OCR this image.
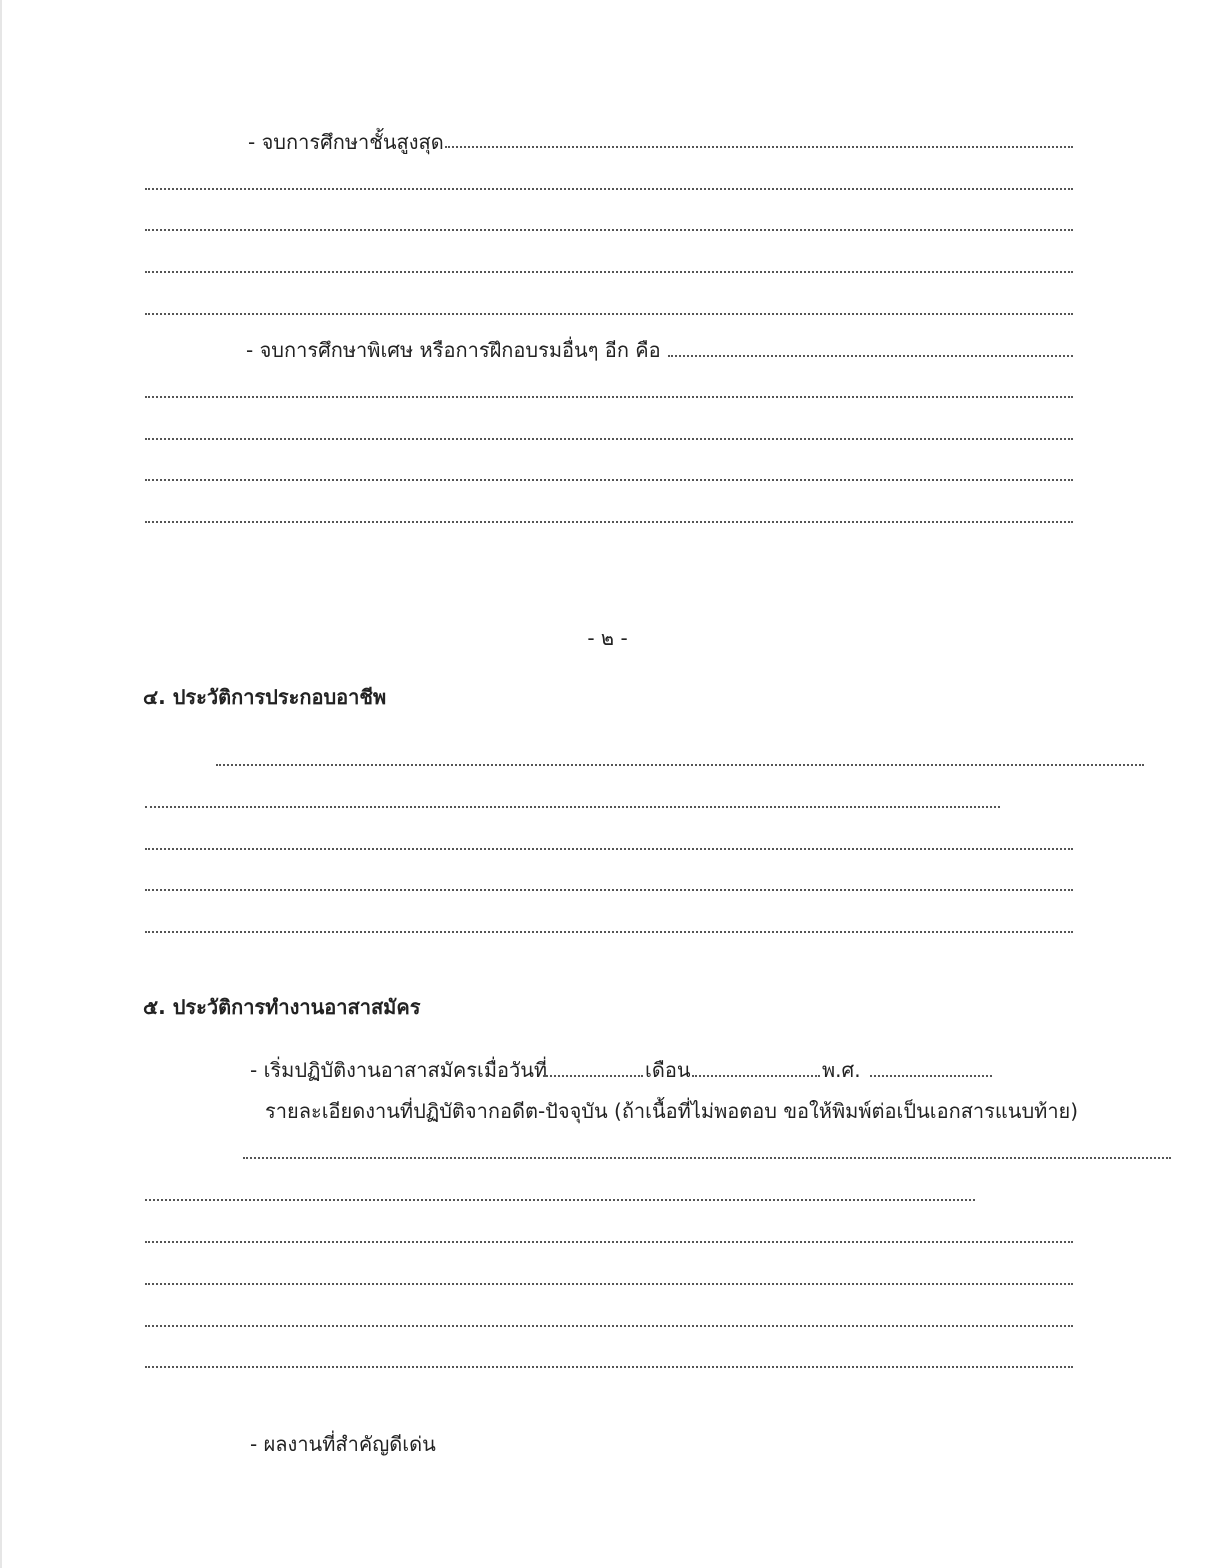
- จบการศึกษาชั้นสูงสุด
- จบการศึกษาพิเศษ หรือการฝึกอบรมอื่นๆ อีก คือ
- ๒ -
๔. ประวัติการประกอบอาชีพ
๕. ประวัติการทำงานอาสาสมัคร
- เริ่มปฏิบัติงานอาสาสมัครเมื่อวันที่	เดือน	พ.ศ.
รายละเอียดงานที่ปฏิบัติจากอดีต-ปัจจุบัน (ถ้าเนื้อที่ไม่พอตอบ ขอให้พิมพ์ต่อเป็นเอกสารแนบท้าย)
- ผลงานที่สำคัญดีเด่น
